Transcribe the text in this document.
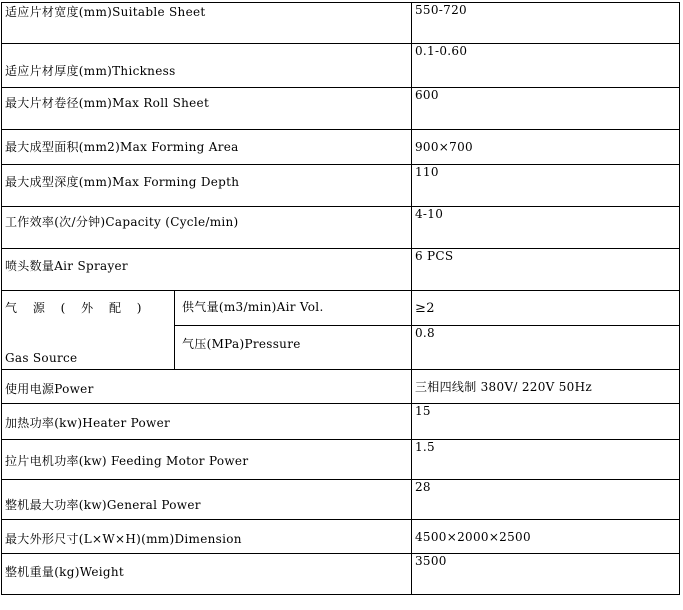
适应片材宽度(mm)Suitable Sheet		550-720
适应片材厚度(mm)Thickness		0.1-0.60
最大片材卷径(mm)Max Roll Sheet		600
最大成型面积(mm2)Max Forming Area		900×700
最大成型深度(mm)Max Forming Depth		110
工作效率(次/分钟)Capacity (Cycle/min)		4-10
喷头数量Air Sprayer		6 PCS

气 源 ( 外 配 )
Gas Source	供气量(m3/min)Air Vol.	≥2
	气压(MPa)Pressure	0.8
使用电源Power		三相四线制 380V/ 220V 50Hz
加热功率(kw)Heater Power		15
拉片电机功率(kw) Feeding Motor Power		1.5
整机最大功率(kw)General Power		28
最大外形尺寸(L×W×H)(mm)Dimension		4500×2000×2500
整机重量(kg)Weight		3500
